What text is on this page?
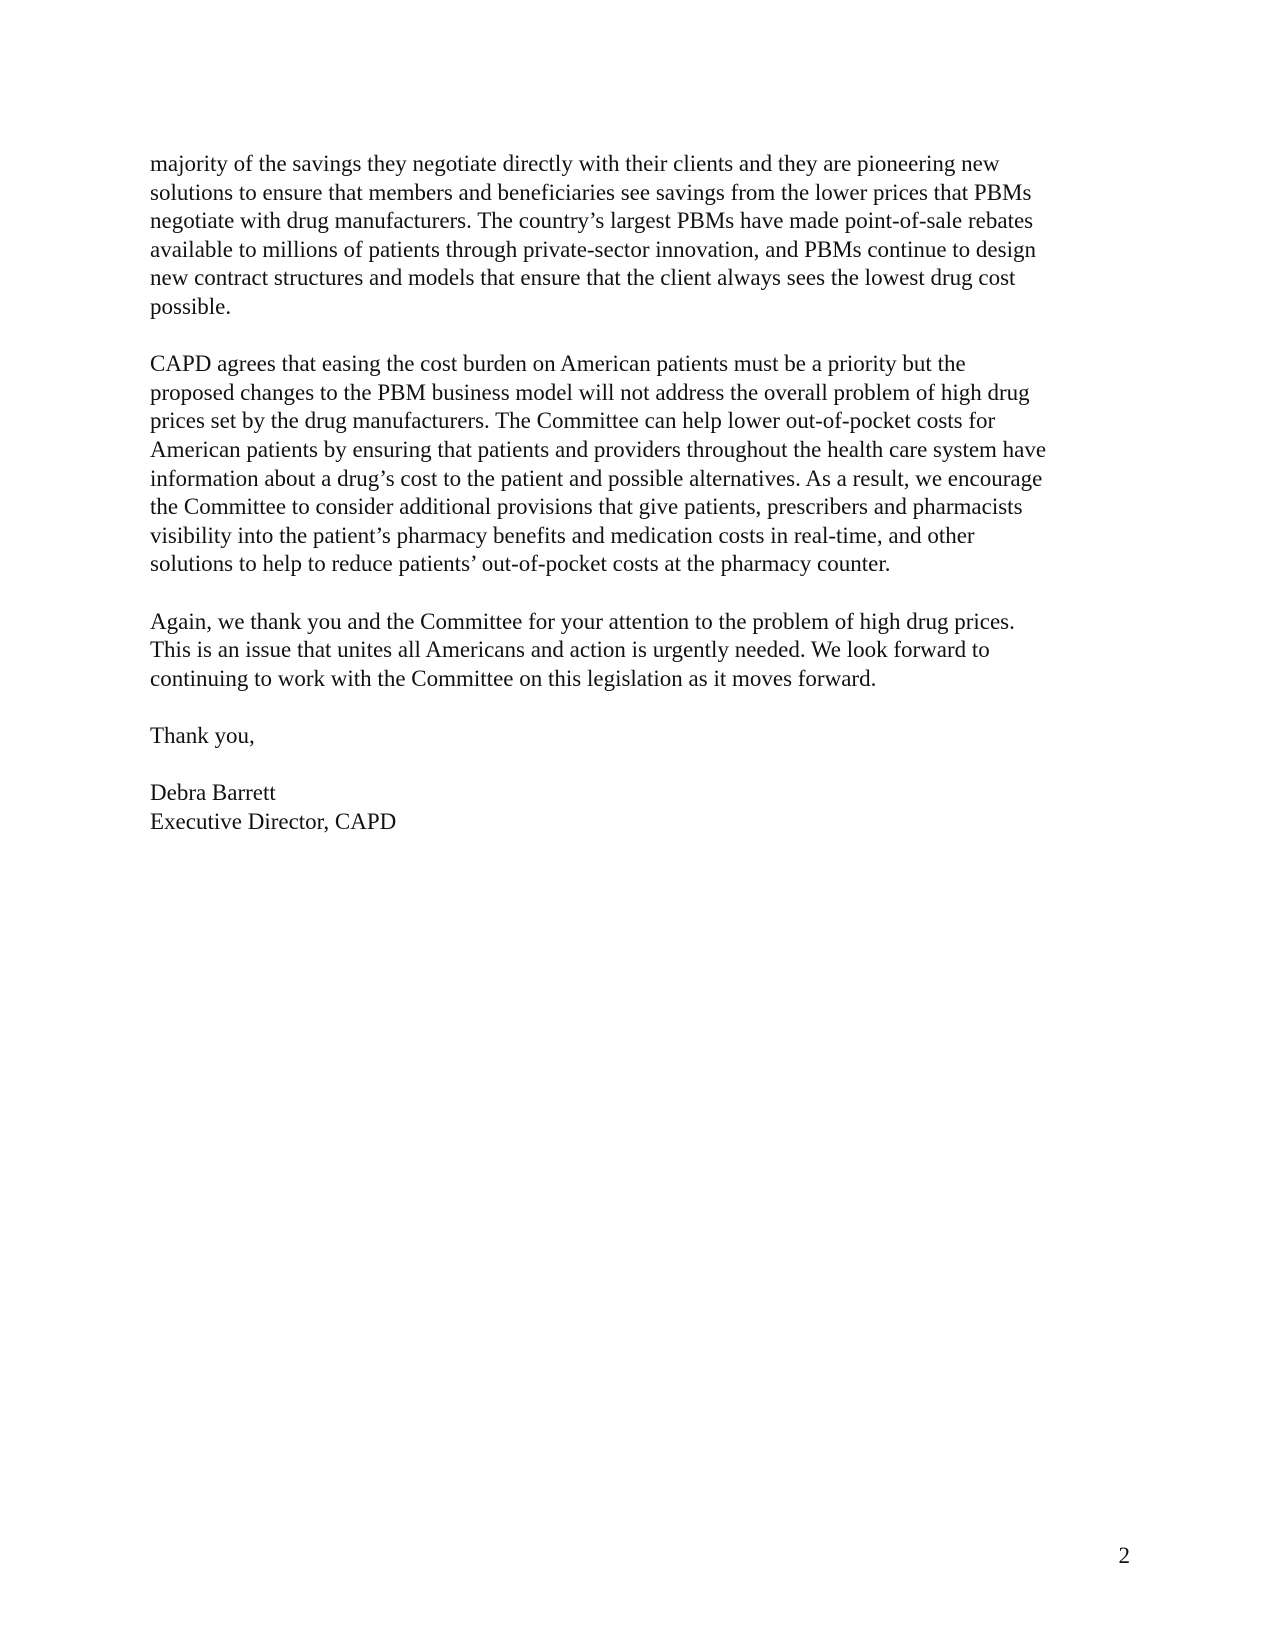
majority of the savings they negotiate directly with their clients and they are pioneering new
solutions to ensure that members and beneficiaries see savings from the lower prices that PBMs
negotiate with drug manufacturers. The country’s largest PBMs have made point-of-sale rebates
available to millions of patients through private-sector innovation, and PBMs continue to design
new contract structures and models that ensure that the client always sees the lowest drug cost
possible.

CAPD agrees that easing the cost burden on American patients must be a priority but the
proposed changes to the PBM business model will not address the overall problem of high drug
prices set by the drug manufacturers. The Committee can help lower out-of-pocket costs for
American patients by ensuring that patients and providers throughout the health care system have
information about a drug’s cost to the patient and possible alternatives. As a result, we encourage
the Committee to consider additional provisions that give patients, prescribers and pharmacists
visibility into the patient’s pharmacy benefits and medication costs in real-time, and other
solutions to help to reduce patients’ out-of-pocket costs at the pharmacy counter.

Again, we thank you and the Committee for your attention to the problem of high drug prices.
This is an issue that unites all Americans and action is urgently needed. We look forward to
continuing to work with the Committee on this legislation as it moves forward.

Thank you,

Debra Barrett
Executive Director, CAPD

2
